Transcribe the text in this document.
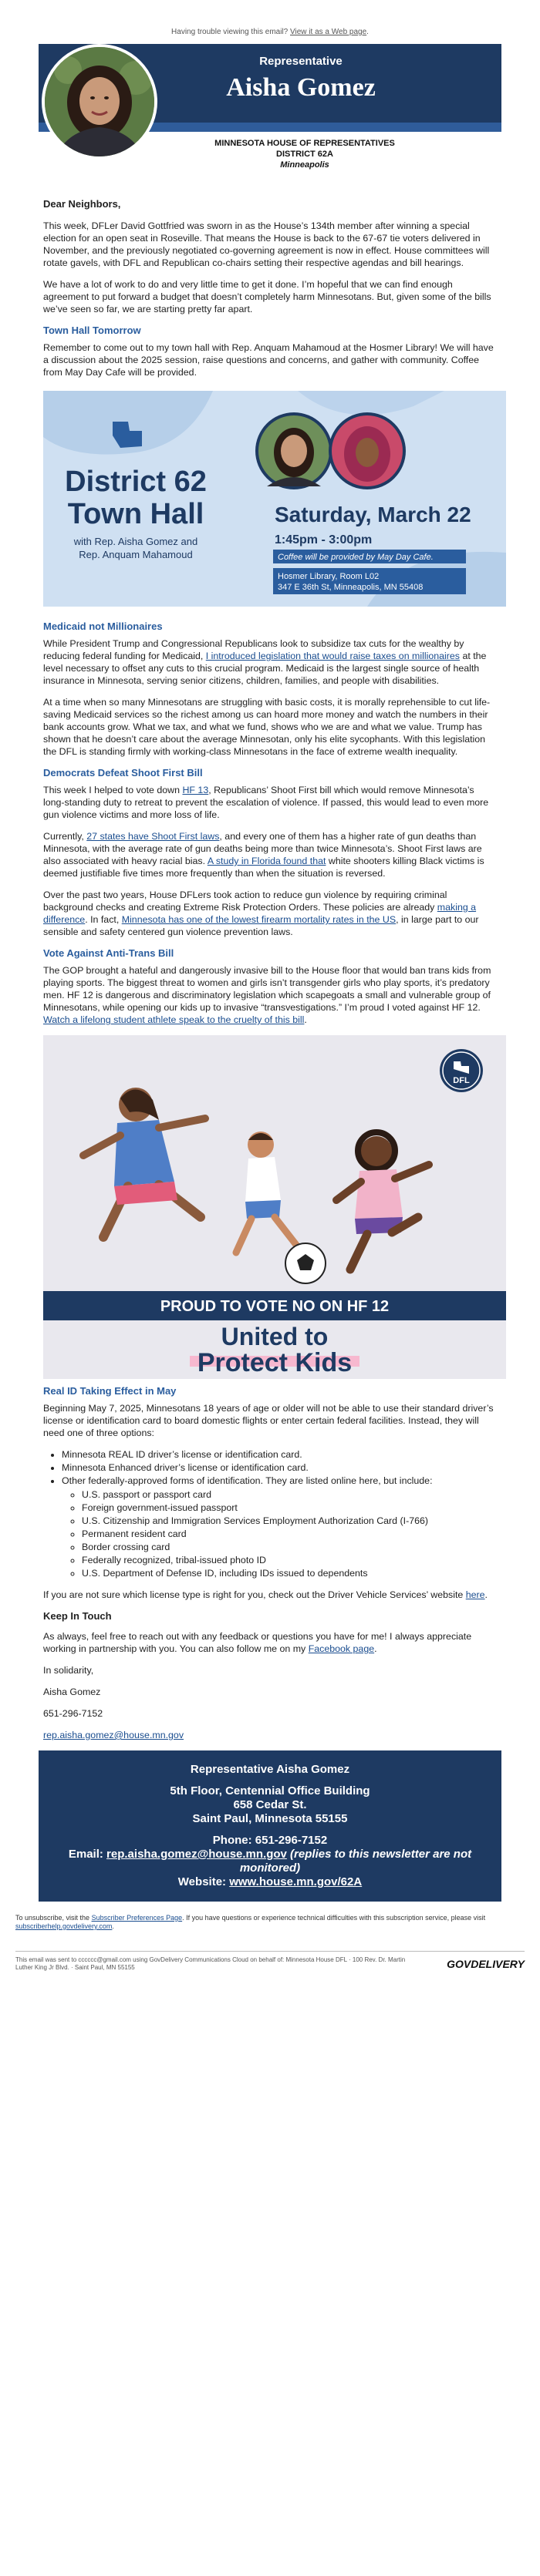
Having trouble viewing this email? View it as a Web page.
Representative
Aisha Gomez
MINNESOTA HOUSE OF REPRESENTATIVES
DISTRICT 62A
Minneapolis

Dear Neighbors,

This week, DFLer David Gottfried was sworn in as the House’s 134th member after winning a special election for an open seat in Roseville. That means the House is back to the 67-67 tie voters delivered in November, and the previously negotiated co-governing agreement is now in effect. House committees will rotate gavels, with DFL and Republican co-chairs setting their respective agendas and bill hearings.

We have a lot of work to do and very little time to get it done. I’m hopeful that we can find enough agreement to put forward a budget that doesn’t completely harm Minnesotans. But, given some of the bills we’ve seen so far, we are starting pretty far apart.

Town Hall Tomorrow

Remember to come out to my town hall with Rep. Anquam Mahamoud at the Hosmer Library! We will have a discussion about the 2025 session, raise questions and concerns, and gather with community. Coffee from May Day Cafe will be provided.

District 62
Town Hall
with Rep. Aisha Gomez and
Rep. Anquam Mahamoud
Saturday, March 22
1:45pm - 3:00pm
Coffee will be provided by May Day Cafe.
Hosmer Library, Room L02
347 E 36th St, Minneapolis, MN 55408
Medicaid not Millionaires

While President Trump and Congressional Republicans look to subsidize tax cuts for the wealthy by reducing federal funding for Medicaid, I introduced legislation that would raise taxes on millionaires at the level necessary to offset any cuts to this crucial program. Medicaid is the largest single source of health insurance in Minnesota, serving senior citizens, children, families, and people with disabilities.

At a time when so many Minnesotans are struggling with basic costs, it is morally reprehensible to cut life-saving Medicaid services so the richest among us can hoard more money and watch the numbers in their bank accounts grow. What we tax, and what we fund, shows who we are and what we value. Trump has shown that he doesn’t care about the average Minnesotan, only his elite sycophants. With this legislation the DFL is standing firmly with working-class Minnesotans in the face of extreme wealth inequality.

Democrats Defeat Shoot First Bill

This week I helped to vote down HF 13, Republicans’ Shoot First bill which would remove Minnesota’s long-standing duty to retreat to prevent the escalation of violence. If passed, this would lead to even more gun violence victims and more loss of life.

Currently, 27 states have Shoot First laws, and every one of them has a higher rate of gun deaths than Minnesota, with the average rate of gun deaths being more than twice Minnesota’s. Shoot First laws are also associated with heavy racial bias. A study in Florida found that white shooters killing Black victims is deemed justifiable five times more frequently than when the situation is reversed.

Over the past two years, House DFLers took action to reduce gun violence by requiring criminal background checks and creating Extreme Risk Protection Orders. These policies are already making a difference. In fact, Minnesota has one of the lowest firearm mortality rates in the US, in large part to our sensible and safety centered gun violence prevention laws.

Vote Against Anti-Trans Bill

The GOP brought a hateful and dangerously invasive bill to the House floor that would ban trans kids from playing sports. The biggest threat to women and girls isn’t transgender girls who play sports, it’s predatory men. HF 12 is dangerous and discriminatory legislation which scapegoats a small and vulnerable group of Minnesotans, while opening our kids up to invasive “transvestigations.” I’m proud I voted against HF 12. Watch a lifelong student athlete speak to the cruelty of this bill.

DFL
PROUD TO VOTE NO ON HF 12
United to
Protect Kids
Real ID Taking Effect in May

Beginning May 7, 2025, Minnesotans 18 years of age or older will not be able to use their standard driver’s license or identification card to board domestic flights or enter certain federal facilities. Instead, they will need one of three options:

• Minnesota REAL ID driver’s license or identification card.
• Minnesota Enhanced driver’s license or identification card.
• Other federally-approved forms of identification. They are listed online here, but include:
◦ U.S. passport or passport card
◦ Foreign government-issued passport
◦ U.S. Citizenship and Immigration Services Employment Authorization Card (I-766)
◦ Permanent resident card
◦ Border crossing card
◦ Federally recognized, tribal-issued photo ID
◦ U.S. Department of Defense ID, including IDs issued to dependents

If you are not sure which license type is right for you, check out the Driver Vehicle Services’ website here.

Keep In Touch

As always, feel free to reach out with any feedback or questions you have for me! I always appreciate working in partnership with you. You can also follow me on my Facebook page.

In solidarity,

Aisha Gomez

651-296-7152

rep.aisha.gomez@house.mn.gov

Representative Aisha Gomez
5th Floor, Centennial Office Building
658 Cedar St.
Saint Paul, Minnesota 55155
Phone: 651-296-7152
Email: rep.aisha.gomez@house.mn.gov (replies to this newsletter are not monitored)
Website: www.house.mn.gov/62A
To unsubscribe, visit the Subscriber Preferences Page. If you have questions or experience technical difficulties with this subscription service, please visit subscriberhelp.govdelivery.com.
This email was sent to cccccc@gmail.com using GovDelivery Communications Cloud on behalf of: Minnesota House DFL · 100 Rev. Dr. Martin Luther King Jr Blvd. · Saint Paul, MN 55155	GOVDELIVERY
